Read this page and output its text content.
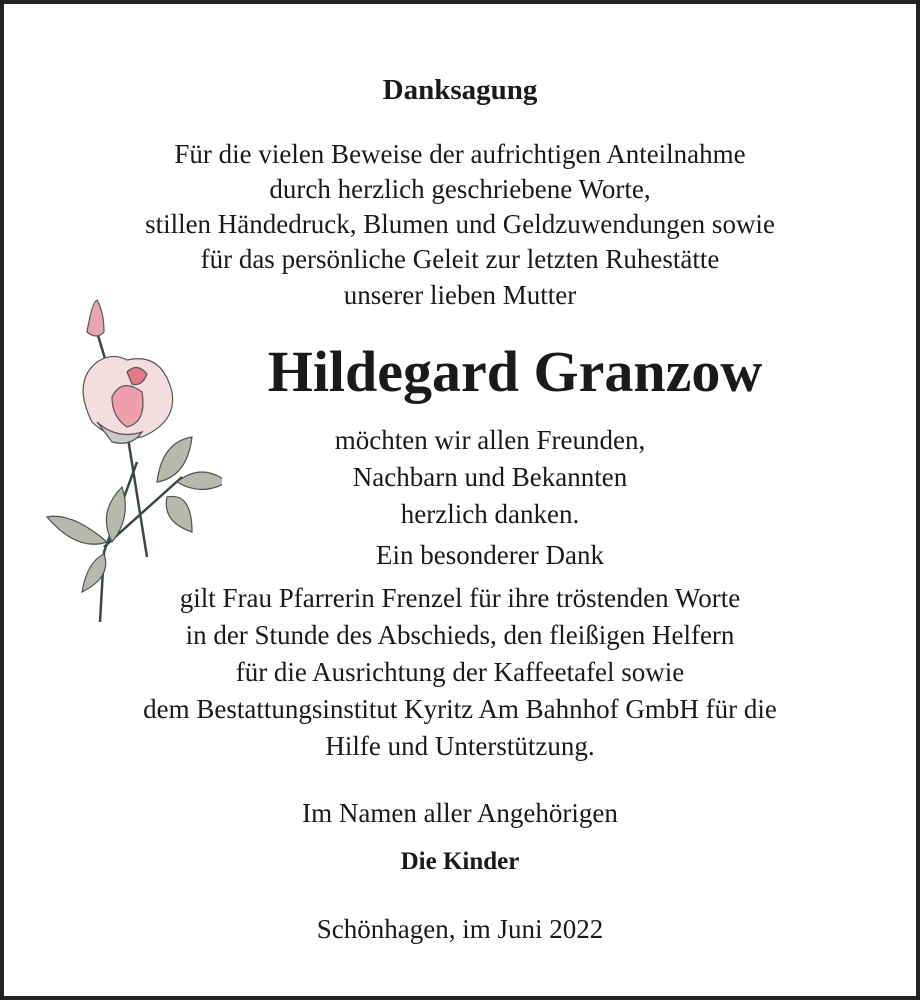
Danksagung
Für die vielen Beweise der aufrichtigen Anteilnahme
durch herzlich geschriebene Worte,
stillen Händedruck, Blumen und Geldzuwendungen sowie
für das persönliche Geleit zur letzten Ruhestätte
unserer lieben Mutter
Hildegard Granzow
möchten wir allen Freunden,
Nachbarn und Bekannten
herzlich danken.
Ein besonderer Dank
gilt Frau Pfarrerin Frenzel für ihre tröstenden Worte
in der Stunde des Abschieds, den fleißigen Helfern
für die Ausrichtung der Kaffeetafel sowie
dem Bestattungsinstitut Kyritz Am Bahnhof GmbH für die
Hilfe und Unterstützung.
Im Namen aller Angehörigen
Die Kinder
Schönhagen, im Juni 2022
